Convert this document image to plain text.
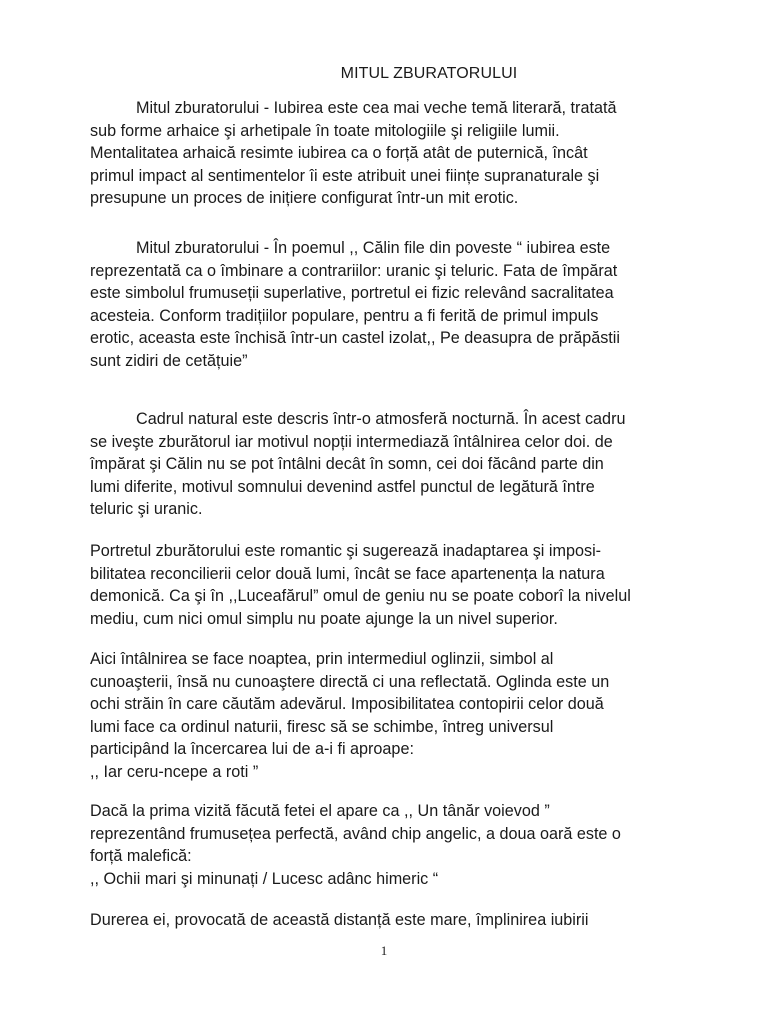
MITUL ZBURATORULUI

Mitul zburatorului - Iubirea este cea mai veche temă literară, tratată
sub forme arhaice şi arhetipale în toate mitologiile şi religiile lumii.
Mentalitatea arhaică resimte iubirea ca o forță atât de puternică, încât
primul impact al sentimentelor îi este atribuit unei ființe supranaturale şi
presupune un proces de inițiere configurat într-un mit erotic.

Mitul zburatorului - În poemul ,, Călin file din poveste “ iubirea este
reprezentată ca o îmbinare a contrariilor: uranic şi teluric. Fata de împărat
este simbolul frumuseții superlative, portretul ei fizic relevând sacralitatea
acesteia. Conform tradițiilor populare, pentru a fi ferită de primul impuls
erotic, aceasta este închisă într-un castel izolat,, Pe deasupra de prăpăstii
sunt zidiri de cetățuie”

Cadrul natural este descris într-o atmosferă nocturnă. În acest cadru
se iveşte zburătorul iar motivul nopții intermediază întâlnirea celor doi. de
împărat şi Călin nu se pot întâlni decât în somn, cei doi făcând parte din
lumi diferite, motivul somnului devenind astfel punctul de legătură între
teluric şi uranic.

Portretul zburătorului este romantic şi sugerează inadaptarea şi imposi-
bilitatea reconcilierii celor două lumi, încât se face apartenența la natura
demonică. Ca şi în ,,Luceafărul” omul de geniu nu se poate coborî la nivelul
mediu, cum nici omul simplu nu poate ajunge la un nivel superior.

Aici întâlnirea se face noaptea, prin intermediul oglinzii, simbol al
cunoaşterii, însă nu cunoaştere directă ci una reflectată. Oglinda este un
ochi străin în care căutăm adevărul. Imposibilitatea contopirii celor două
lumi face ca ordinul naturii, firesc să se schimbe, întreg universul
participând la încercarea lui de a-i fi aproape:
,, Iar ceru-ncepe a roti ”

Dacă la prima vizită făcută fetei el apare ca ,, Un tânăr voievod ”
reprezentând frumusețea perfectă, având chip angelic, a doua oară este o
forță malefică:
,, Ochii mari şi minunați / Lucesc adânc himeric “

Durerea ei, provocată de această distanță este mare, împlinirea iubirii

1
